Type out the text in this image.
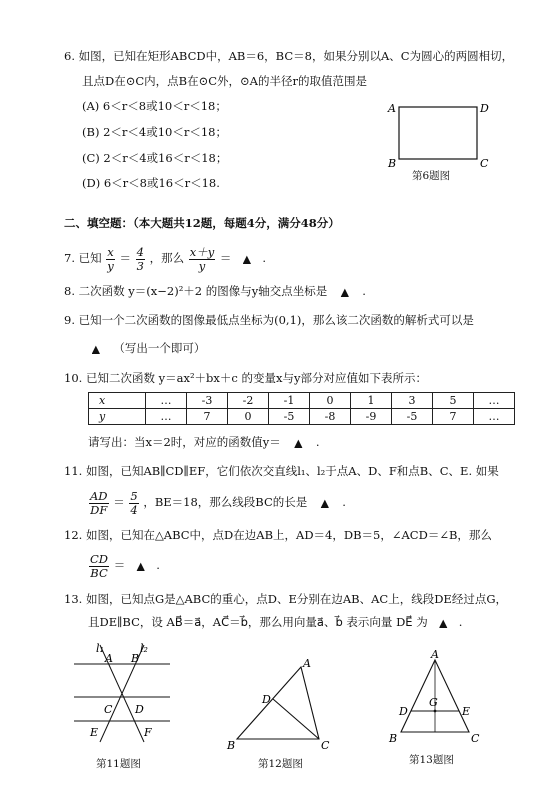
6. 如图，已知在矩形ABCD中，AB＝6，BC＝8，如果分别以A、C为圆心的两圆相切，
且点D在⊙C内，点B在⊙C外，⊙A的半径r的取值范围是
(A) 6＜r＜8或10＜r＜18；
(B) 2＜r＜4或10＜r＜18；
(C) 2＜r＜4或16＜r＜18；
(D) 6＜r＜8或16＜r＜18.
A	D
B	C
第6题图
二、填空题：（本大题共12题，每题4分，满分48分）
7. 已知 $\frac{x}{y} = \frac{4}{3}$ ，那么 $\frac{x+y}{y}$ ＝ ▲ .
8. 二次函数 y＝(x−2)²＋2 的图像与y轴交点坐标是 ▲ .
9. 已知一个二次函数的图像最低点坐标为(0,1)，那么该二次函数的解析式可以是
▲ （写出一个即可）
10. 已知二次函数 y＝ax²＋bx＋c 的变量x与y部分对应值如下表所示：
x	…	-3	-2	-1	0	1	3	5	…
y	…	7	0	-5	-8	-9	-5	7	…
请写出：当x＝2时，对应的函数值y＝ ▲ .
11. 如图，已知AB∥CD∥EF，它们依次交直线l₁、l₂于点A、D、F和点B、C、E. 如果
$\frac{AD}{DF} = \frac{5}{4}$ ，BE＝18，那么线段BC的长是 ▲ .
12. 如图，已知在△ABC中，点D在边AB上，AD＝4，DB＝5，∠ACD＝∠B，那么
$\frac{CD}{BC}$ ＝ ▲ .
13. 如图，已知点G是△ABC的重心，点D、E分别在边AB、AC上，线段DE经过点G，
且DE∥BC，设 AB⃗＝a⃗，AC⃗＝b⃗，那么用向量a⃗、b⃗ 表示向量 DE⃗ 为 ▲ .
l₁	l₂
A B
C D
E	F
第11题图
A
D
B	C
第12题图
A
D
G
E
B	C
第13题图
